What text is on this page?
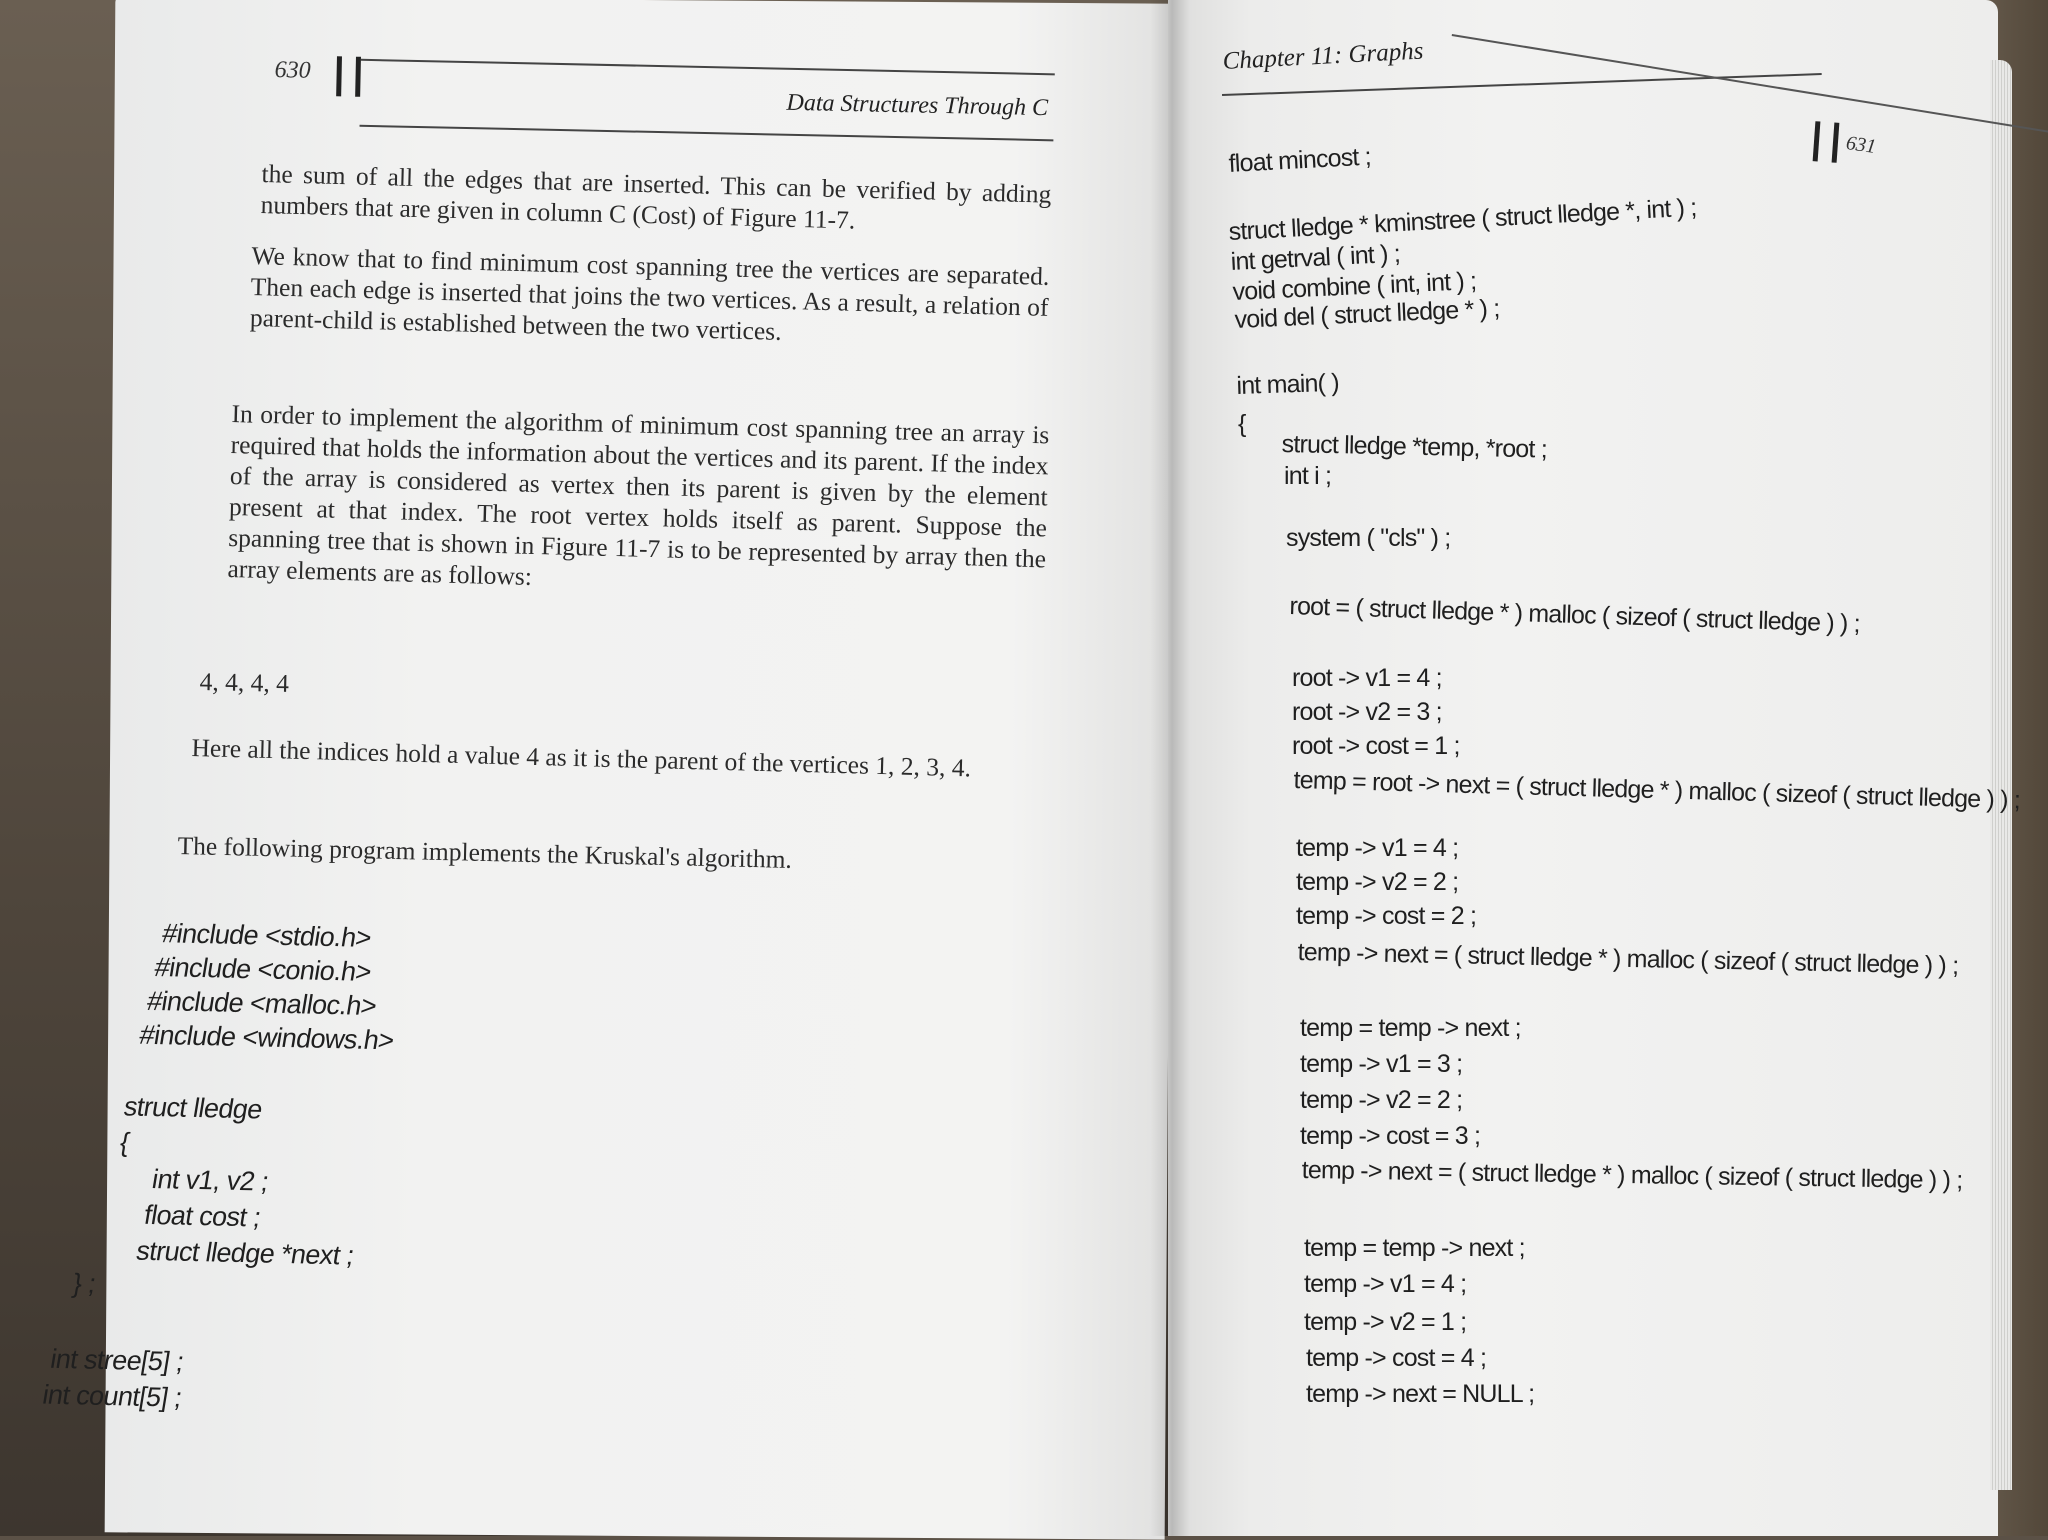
630
Data Structures Through C

the sum of all the edges that are inserted. This can be verified by adding numbers that are given in column C (Cost) of Figure 11-7.

We know that to find minimum cost spanning tree the vertices are separated. Then each edge is inserted that joins the two vertices. As a result, a relation of parent-child is established between the two vertices.

In order to implement the algorithm of minimum cost spanning tree an array is required that holds the information about the vertices and its parent. If the index of the array is considered as vertex then its parent is given by the element present at that index. The root vertex holds itself as parent. Suppose the spanning tree that is shown in Figure 11-7 is to be represented by array then the array elements are as follows:

4, 4, 4, 4

Here all the indices hold a value 4 as it is the parent of the vertices 1, 2, 3, 4.

The following program implements the Kruskal's algorithm.

#include <stdio.h>
#include <conio.h>
#include <malloc.h>
#include <windows.h>
struct lledge
{
int v1, v2 ;
float cost ;
struct lledge *next ;
} ;
int stree[5] ;
int count[5] ;
Chapter 11: Graphs
631
float mincost ;
struct lledge * kminstree ( struct lledge *, int ) ;
int getrval ( int ) ;
void combine ( int, int ) ;
void del ( struct lledge * ) ;
int main( )
{
struct lledge *temp, *root ;
int i ;
system ( "cls" ) ;
root = ( struct lledge * ) malloc ( sizeof ( struct lledge ) ) ;
root -> v1 = 4 ;
root -> v2 = 3 ;
root -> cost = 1 ;
temp = root -> next = ( struct lledge * ) malloc ( sizeof ( struct lledge ) ) ;
temp -> v1 = 4 ;
temp -> v2 = 2 ;
temp -> cost = 2 ;
temp -> next = ( struct lledge * ) malloc ( sizeof ( struct lledge ) ) ;
temp = temp -> next ;
temp -> v1 = 3 ;
temp -> v2 = 2 ;
temp -> cost = 3 ;
temp -> next = ( struct lledge * ) malloc ( sizeof ( struct lledge ) ) ;
temp = temp -> next ;
temp -> v1 = 4 ;
temp -> v2 = 1 ;
temp -> cost = 4 ;
temp -> next = NULL ;
